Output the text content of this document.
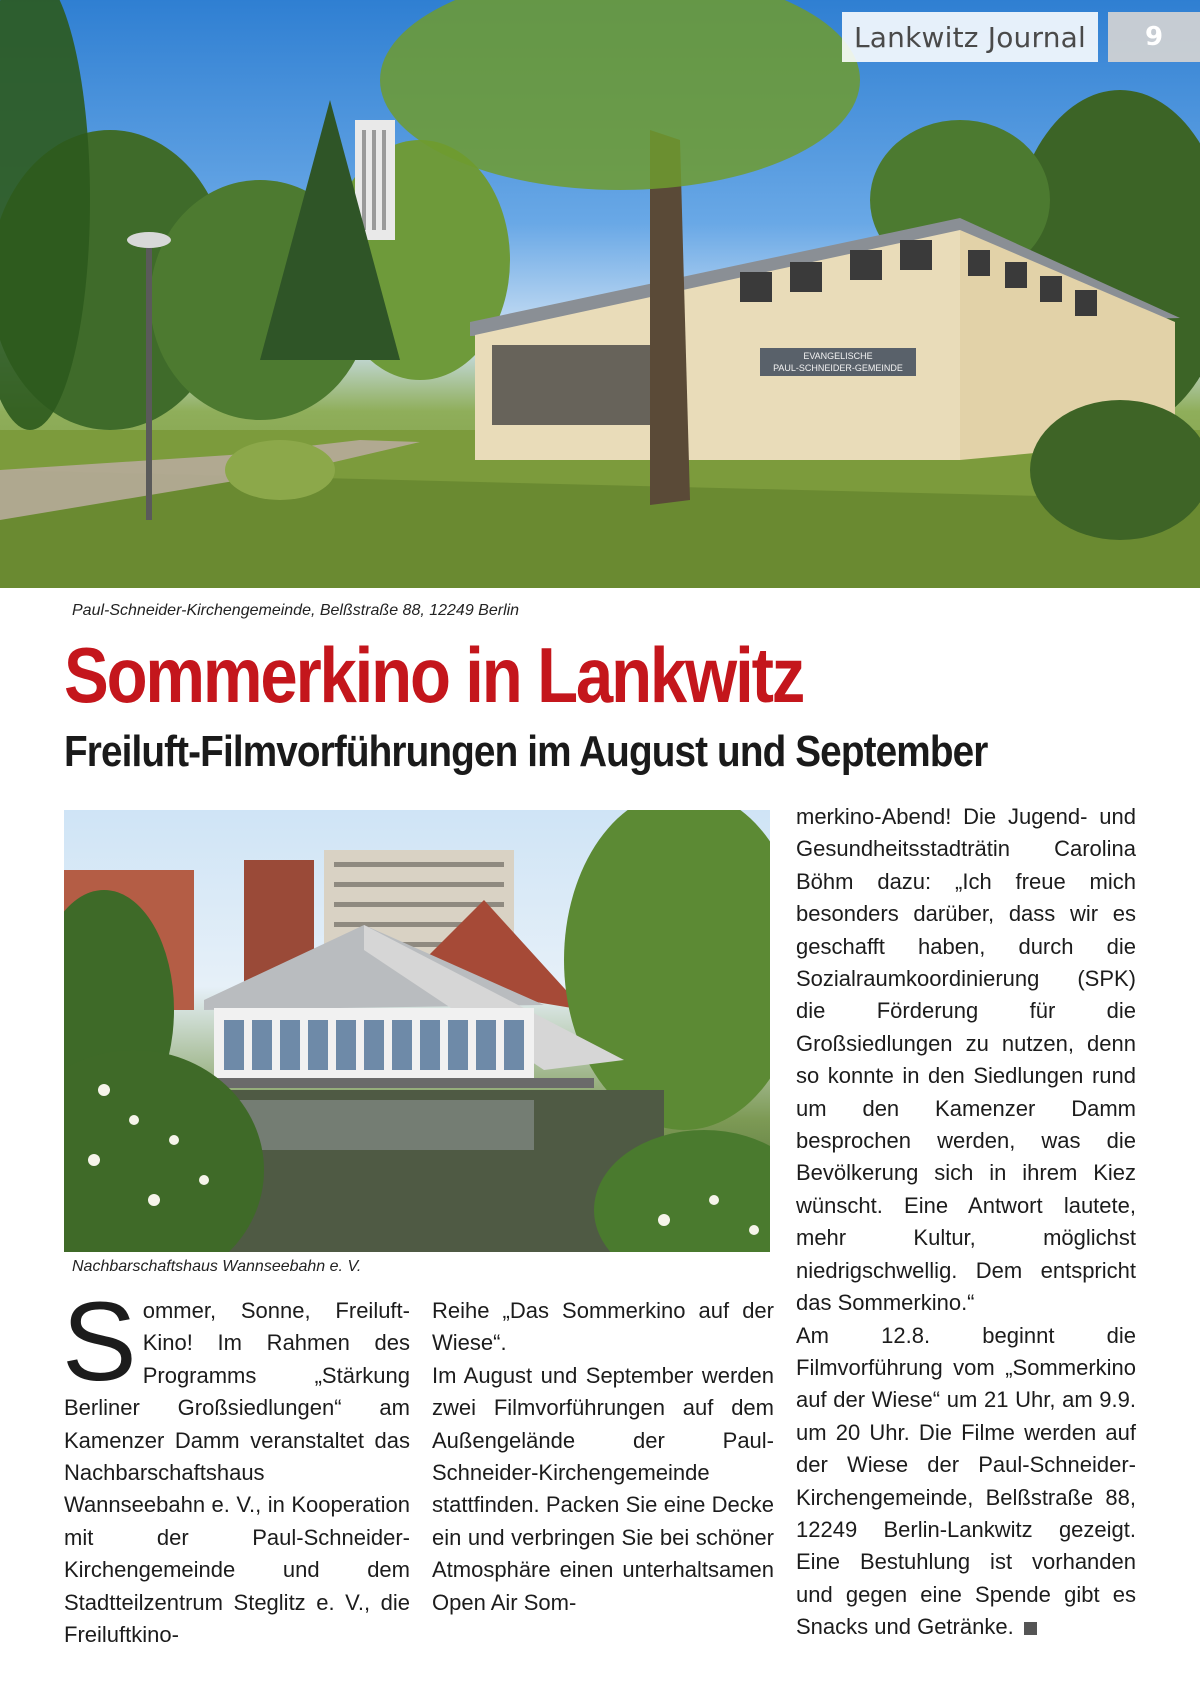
EVANGELISCHE
PAUL-SCHNEIDER-GEMEINDE
Lankwitz Journal	9
Paul-Schneider-Kirchengemeinde, Belßstraße 88, 12249 Berlin
Sommerkino in Lankwitz
Freiluft-Filmvorführungen im August und September
Nachbarschaftshaus Wannseebahn e. V.
S ommer, Sonne, Freiluft-Kino! Im Rahmen des Programms „Stärkung Berliner Großsiedlungen“ am Kamenzer Damm veranstaltet das Nachbarschaftshaus Wannseebahn e. V., in Kooperation mit der Paul-Schneider-Kirchengemeinde und dem Stadtteilzentrum Steglitz e. V., die Freiluftkino-

Reihe „Das Sommerkino auf der Wiese“.

Im August und September werden zwei Filmvorführungen auf dem Außengelände der Paul-Schneider-Kirchengemeinde stattfinden. Packen Sie eine Decke ein und verbringen Sie bei schöner Atmosphäre einen unterhaltsamen Open Air Som-

merkino-Abend! Die Jugend- und Gesundheitsstadträtin Carolina Böhm dazu: „Ich freue mich besonders darüber, dass wir es geschafft haben, durch die Sozialraumkoordinierung (SPK) die Förderung für die Großsiedlungen zu nutzen, denn so konnte in den Siedlungen rund um den Kamenzer Damm besprochen werden, was die Bevölkerung sich in ihrem Kiez wünscht. Eine Antwort lautete, mehr Kultur, möglichst niedrigschwellig. Dem entspricht das Sommerkino.“

Am 12.8. beginnt die Filmvorführung vom „Sommerkino auf der Wiese“ um 21 Uhr, am 9.9. um 20 Uhr. Die Filme werden auf der Wiese der Paul-Schneider-Kirchengemeinde, Belßstraße 88, 12249 Berlin-Lankwitz gezeigt. Eine Bestuhlung ist vorhanden und gegen eine Spende gibt es Snacks und Getränke.
